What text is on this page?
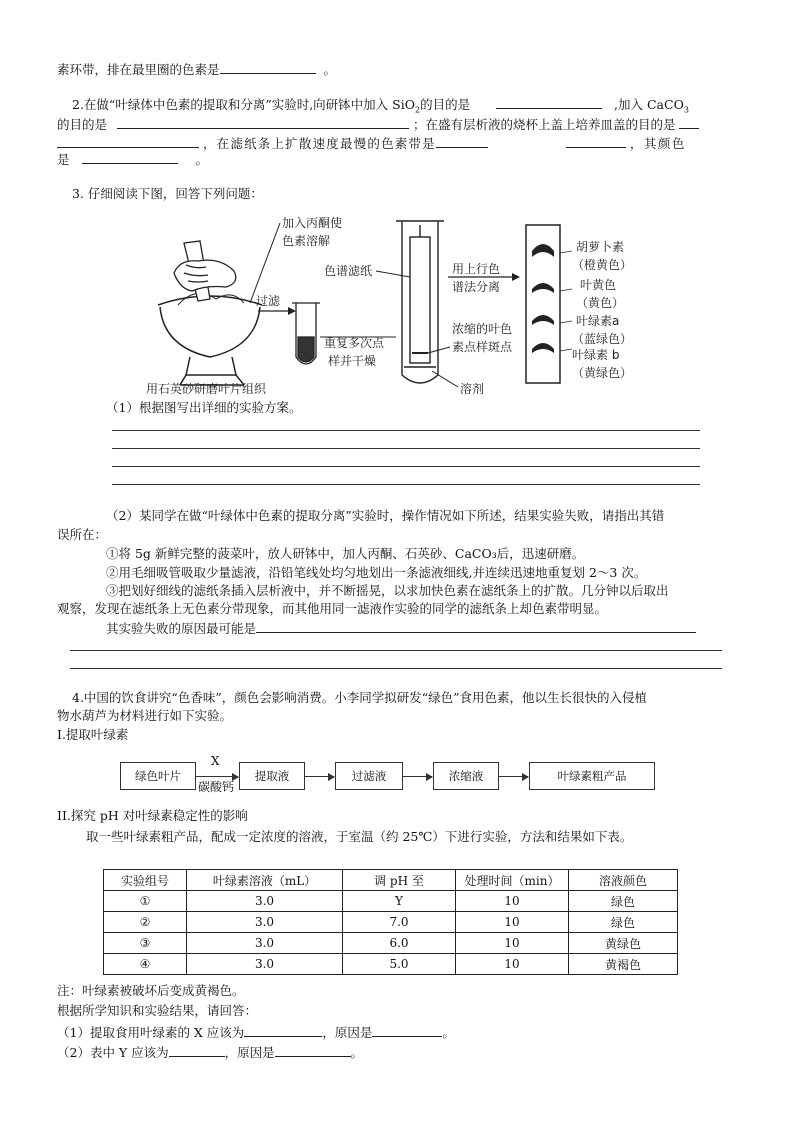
素环带，排在最里圈的色素是	。
2.在做“叶绿体中色素的提取和分离”实验时,向研钵中加入 SiO$_2$的目的是	,加入 CaCO$_3$
的目的是	；在盛有层析液的烧杯上盖上培养皿盖的目的是
，在滤纸条上扩散速度最慢的色素带是	，其颜色
是	。
3. 仔细阅读下图，回答下列问题：
用石英砂研磨叶片组织
过滤
加入丙酮使
色素溶解
色谱滤纸
重复多次点
样并干燥
浓缩的叶色
素点样斑点
溶剂
用上行色
谱法分离
胡萝卜素
（橙黄色）
叶黄色
（黄色）
叶绿素a
（蓝绿色）
叶绿素 b
（黄绿色）
（1）根据图写出详细的实验方案。
（2）某同学在做“叶绿体中色素的提取分离”实验时，操作情况如下所述，结果实验失败，请指出其错
误所在：
①将 5g 新鲜完整的菠菜叶，放人研钵中，加人丙酮、石英砂、CaCO₃后，迅速研磨。
②用毛细吸管吸取少量滤液，沿铅笔线处均匀地划出一条滤液细线,并连续迅速地重复划 2～3 次。
③把划好细线的滤纸条插入层析液中，并不断摇晃，以求加快色素在滤纸条上的扩散。几分钟以后取出
观察，发现在滤纸条上无色素分带现象，而其他用同一滤液作实验的同学的滤纸条上却色素带明显。
其实验失败的原因最可能是
4.中国的饮食讲究“色香味”，颜色会影响消费。小李同学拟研发“绿色”食用色素，他以生长很快的入侵植
物水葫芦为材料进行如下实验。
I.提取叶绿素
绿色叶片	提取液	过滤液	浓缩液	叶绿素粗产品
X
碳酸钙
II.探究 pH 对叶绿素稳定性的影响
取一些叶绿素粗产品，配成一定浓度的溶液，于室温（约 25℃）下进行实验，方法和结果如下表。
实验组号	叶绿素溶液（mL）	调 pH 至	处理时间（min）	溶液颜色
①	3.0	Y	10	绿色
②	3.0	7.0	10	绿色
③	3.0	6.0	10	黄绿色
④	3.0	5.0	10	黄褐色
注：叶绿素被破坏后变成黄褐色。
根据所学知识和实验结果，请回答：
（1）提取食用叶绿素的 X 应该为	，原因是	。
（2）表中 Y 应该为	，原因是	。
